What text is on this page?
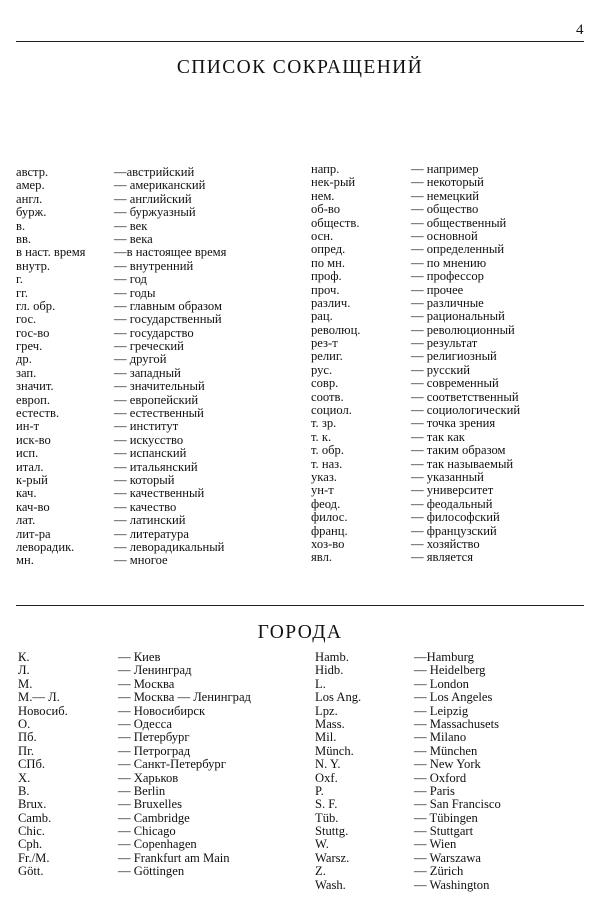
4
СПИСОК СОКРАЩЕНИЙ
австр.	— австрийский
амер.	— американский
англ.	— английский
бурж.	— буржуазный
в.	— век
вв.	— века
в наст. время	— в настоящее время
внутр.	— внутренний
г.	— год
гг.	— годы
гл. обр.	— главным образом
гос.	— государственный
гос-во	— государство
греч.	— греческий
др.	— другой
зап.	— западный
значит.	— значительный
европ.	— европейский
естеств.	— естественный
ин-т	— институт
иск-во	— искусство
исп.	— испанский
итал.	— итальянский
к-рый	— который
кач.	— качественный
кач-во	— качество
лат.	— латинский
лит-ра	— литература
леворадик.	— леворадикальный
мн.	— многое
напр.	— например
нек-рый	— некоторый
нем.	— немецкий
об-во	— общество
обществ.	— общественный
осн.	— основной
опред.	— определенный
по мн.	— по мнению
проф.	— профессор
проч.	— прочее
различ.	— различные
рац.	— рациональный
революц.	— революционный
рез-т	— результат
религ.	— религиозный
рус.	— русский
совр.	— современный
соотв.	— соответственный
социол.	— социологический
т. зр.	— точка зрения
т. к.	— так как
т. обр.	— таким образом
т. наз.	— так называемый
указ.	— указанный
ун-т	— университет
феод.	— феодальный
филос.	— философский
франц.	— французский
хоз-во	— хозяйство
явл.	— является
ГОРОДА
К.	— Киев
Л.	— Ленинград
М.	— Москва
М.— Л.	— Москва — Ленинград
Новосиб.	— Новосибирск
О.	— Одесса
Пб.	— Петербург
Пг.	— Петроград
СПб.	— Санкт-Петербург
Х.	— Харьков
B.	— Berlin
Brux.	— Bruxelles
Camb.	— Cambridge
Chic.	— Chicago
Cph.	— Copenhagen
Fr./M.	— Frankfurt am Main
Gött.	— Göttingen
Hamb.	— Hamburg
Hidb.	— Heidelberg
L.	— London
Los Ang.	— Los Angeles
Lpz.	— Leipzig
Mass.	— Massachusets
Mil.	— Milano
Münch.	— München
N. Y.	— New York
Oxf.	— Oxford
P.	— Paris
S. F.	— San Francisco
Tüb.	— Tübingen
Stuttg.	— Stuttgart
W.	— Wien
Warsz.	— Warszawa
Z.	— Zürich
Wash.	— Washington
